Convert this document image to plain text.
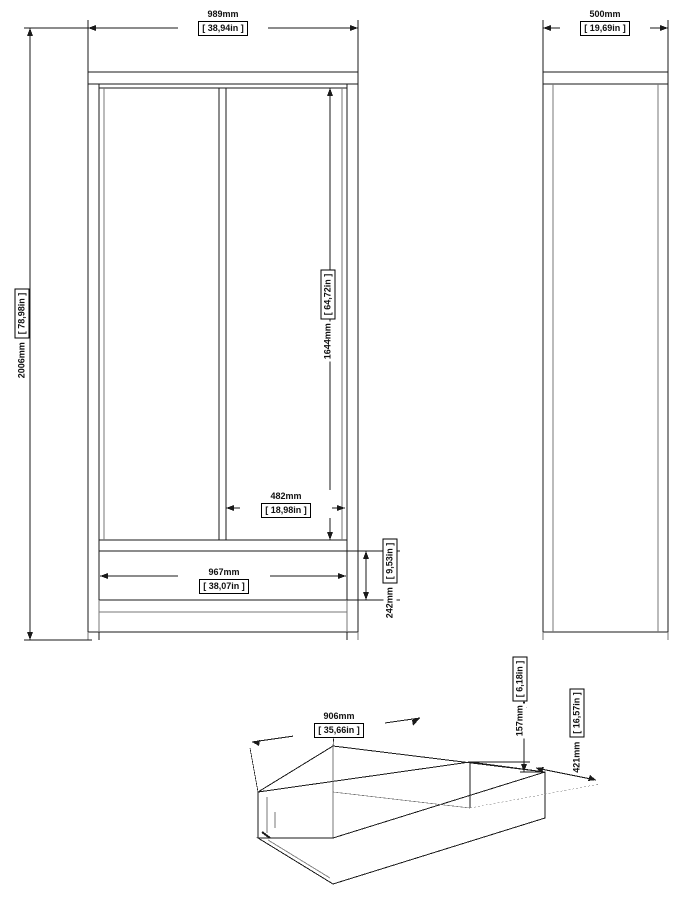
989mm
[ 38,94in ]
500mm
[ 19,69in ]
2006mm
[ 78,98in ]
1644mm
[ 64,72in ]
482mm
[ 18,98in ]
967mm
[ 38,07in ]
242mm
[ 9,53in ]
906mm
[ 35,66in ]	157mm
[ 6,18in ]
421mm
[ 16,57in ]
